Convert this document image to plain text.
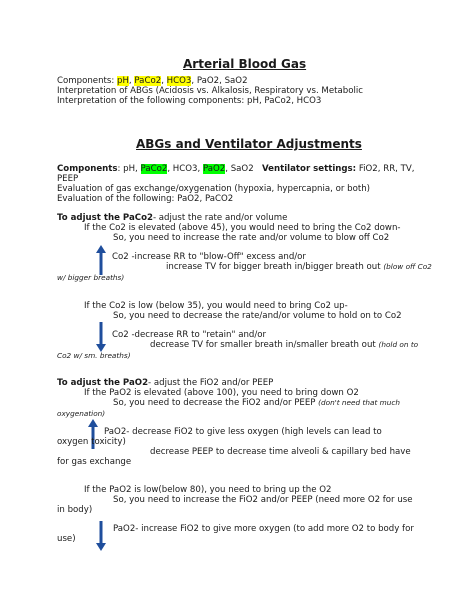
Arterial Blood Gas
Components: pH, PaCo2, HCO3, PaO2, SaO2
Interpretation of ABGs (Acidosis vs. Alkalosis, Respiratory vs. Metabolic
Interpretation of the following components: pH, PaCo2, HCO3
ABGs and Ventilator Adjustments
Components: pH, PaCo2, HCO3, PaO2, SaO2 Ventilator settings: FiO2, RR, TV,
PEEP
Evaluation of gas exchange/oxygenation (hypoxia, hypercapnia, or both)
Evaluation of the following: PaO2, PaCO2
To adjust the PaCo2- adjust the rate and/or volume
If the Co2 is elevated (above 45), you would need to bring the Co2 down-
So, you need to increase the rate and/or volume to blow off Co2
Co2 -increase RR to "blow-Off" excess and/or
increase TV for bigger breath in/bigger breath out (blow off Co2
w/ bigger breaths)
If the Co2 is low (below 35), you would need to bring Co2 up-
So, you need to decrease the rate/and/or volume to hold on to Co2
Co2 -decrease RR to "retain" and/or
decrease TV for smaller breath in/smaller breath out (hold on to
Co2 w/ sm. breaths)
To adjust the PaO2- adjust the FiO2 and/or PEEP
If the PaO2 is elevated (above 100), you need to bring down O2
So, you need to decrease the FiO2 and/or PEEP (don't need that much
oxygenation)
PaO2- decrease FiO2 to give less oxygen (high levels can lead to
oxygen toxicity)
decrease PEEP to decrease time alveoli & capillary bed have
for gas exchange
If the PaO2 is low(below 80), you need to bring up the O2
So, you need to increase the FiO2 and/or PEEP (need more O2 for use
in body)
PaO2- increase FiO2 to give more oxygen (to add more O2 to body for
use)
